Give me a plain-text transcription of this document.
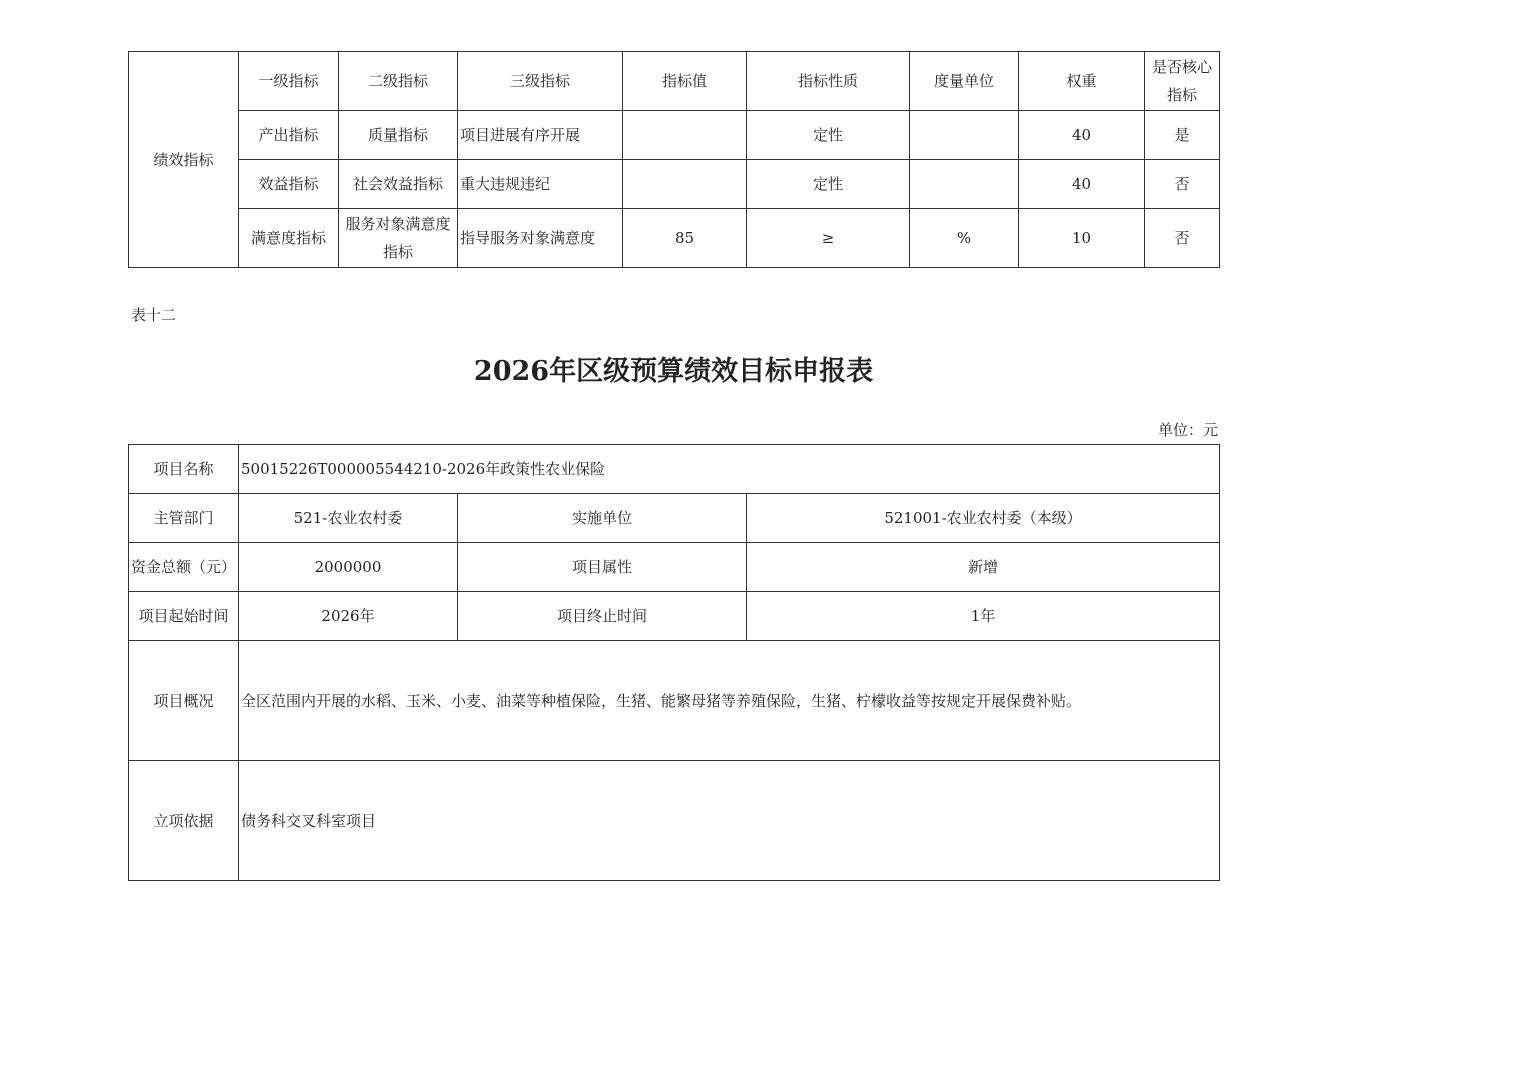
绩效指标	一级指标	二级指标	三级指标	指标值	指标性质	度量单位	权重	是否核心
指标
	产出指标	质量指标	项目进展有序开展		定性		40	是
	效益指标	社会效益指标	重大违规违纪		定性		40	否
	满意度指标	服务对象满意度指标	指导服务对象满意度	85	≥	%	10	否
表十二
2026年区级预算绩效目标申报表
单位：元
项目名称	50015226T000005544210-2026年政策性农业保险		
主管部门	521-农业农村委	实施单位	521001-农业农村委（本级）
资金总额（元）	2000000	项目属性	新增
项目起始时间	2026年	项目终止时间	1年
项目概况	全区范围内开展的水稻、玉米、小麦、油菜等种植保险，生猪、能繁母猪等养殖保险，生猪、柠檬收益等按规定开展保费补贴。		
立项依据	债务科交叉科室项目		
